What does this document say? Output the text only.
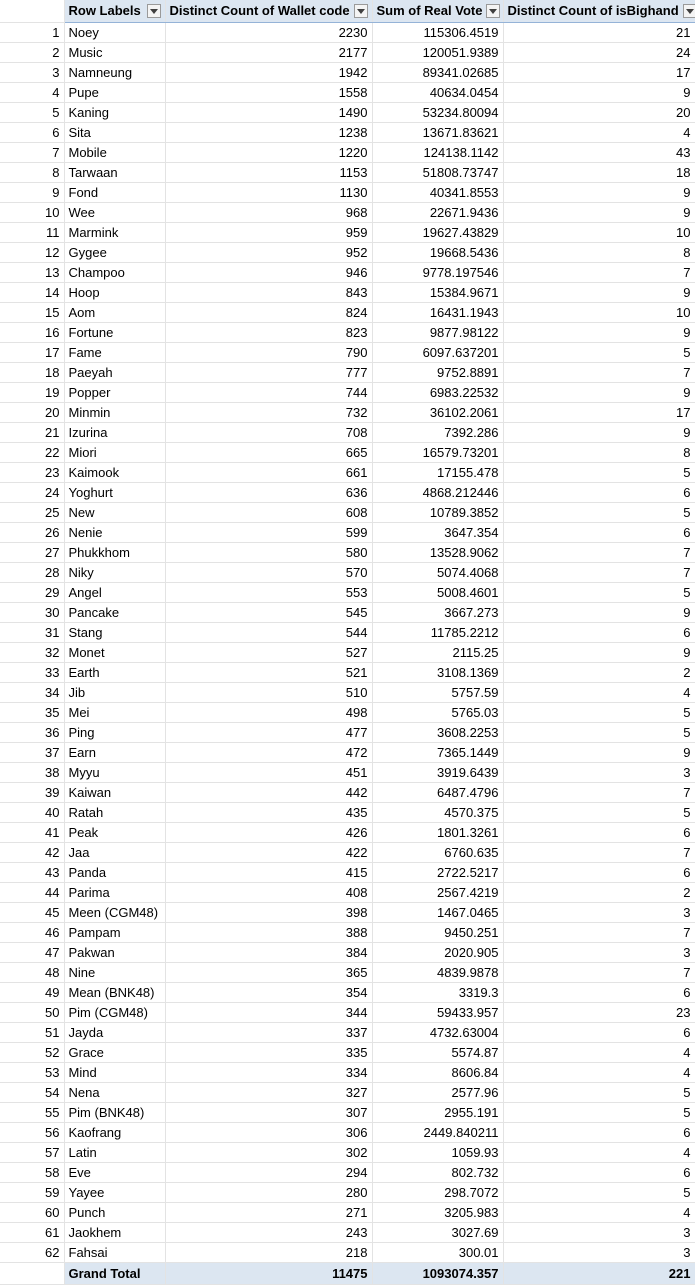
	Row Labels	Distinct Count of Wallet code	Sum of Real Vote	Distinct Count of isBighand

1	Noey	2230	115306.4519	21
2	Music	2177	120051.9389	24
3	Namneung	1942	89341.02685	17
4	Pupe	1558	40634.0454	9
5	Kaning	1490	53234.80094	20
6	Sita	1238	13671.83621	4
7	Mobile	1220	124138.1142	43
8	Tarwaan	1153	51808.73747	18
9	Fond	1130	40341.8553	9
10	Wee	968	22671.9436	9
11	Marmink	959	19627.43829	10
12	Gygee	952	19668.5436	8
13	Champoo	946	9778.197546	7
14	Hoop	843	15384.9671	9
15	Aom	824	16431.1943	10
16	Fortune	823	9877.98122	9
17	Fame	790	6097.637201	5
18	Paeyah	777	9752.8891	7
19	Popper	744	6983.22532	9
20	Minmin	732	36102.2061	17
21	Izurina	708	7392.286	9
22	Miori	665	16579.73201	8
23	Kaimook	661	17155.478	5
24	Yoghurt	636	4868.212446	6
25	New	608	10789.3852	5
26	Nenie	599	3647.354	6
27	Phukkhom	580	13528.9062	7
28	Niky	570	5074.4068	7
29	Angel	553	5008.4601	5
30	Pancake	545	3667.273	9
31	Stang	544	11785.2212	6
32	Monet	527	2115.25	9
33	Earth	521	3108.1369	2
34	Jib	510	5757.59	4
35	Mei	498	5765.03	5
36	Ping	477	3608.2253	5
37	Earn	472	7365.1449	9
38	Myyu	451	3919.6439	3
39	Kaiwan	442	6487.4796	7
40	Ratah	435	4570.375	5
41	Peak	426	1801.3261	6
42	Jaa	422	6760.635	7
43	Panda	415	2722.5217	6
44	Parima	408	2567.4219	2
45	Meen (CGM48)	398	1467.0465	3
46	Pampam	388	9450.251	7
47	Pakwan	384	2020.905	3
48	Nine	365	4839.9878	7
49	Mean (BNK48)	354	3319.3	6
50	Pim (CGM48)	344	59433.957	23
51	Jayda	337	4732.63004	6
52	Grace	335	5574.87	4
53	Mind	334	8606.84	4
54	Nena	327	2577.96	5
55	Pim (BNK48)	307	2955.191	5
56	Kaofrang	306	2449.840211	6
57	Latin	302	1059.93	4
58	Eve	294	802.732	6
59	Yayee	280	298.7072	5
60	Punch	271	3205.983	4
61	Jaokhem	243	3027.69	3
62	Fahsai	218	300.01	3
	Grand Total	11475	1093074.357	221
